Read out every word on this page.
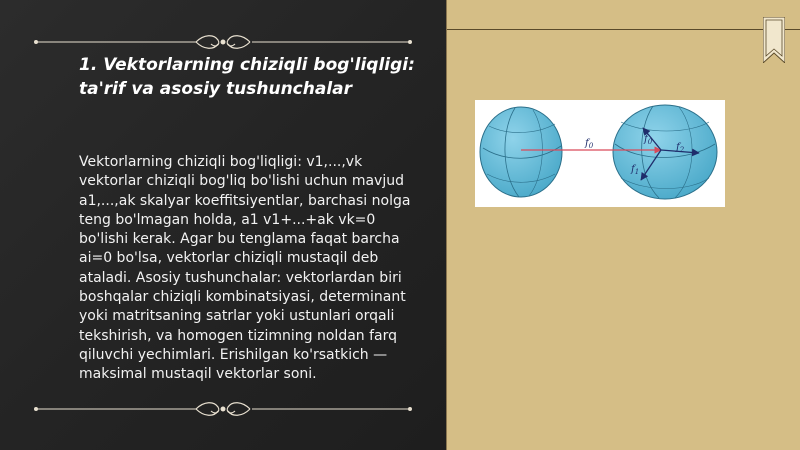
1. Vektorlarning chiziqli bog'liqligi: ta'rif va asosiy tushunchalar

Vektorlarning chiziqli bog'liqligi: v1,...,vk vektorlar chiziqli bog'liq bo'lishi uchun mavjud a1,...,ak skalyar koeffitsiyentlar, barchasi nolga teng bo'lmagan holda, a1 v1+...+ak vk=0 bo'lishi kerak. Agar bu tenglama faqat barcha ai=0 bo'lsa, vektorlar chiziqli mustaqil deb ataladi. Asosiy tushunchalar: vektorlardan biri boshqalar chiziqli kombinatsiyasi, determinant yoki matritsaning satrlar yoki ustunlari orqali tekshirish, va homogen tizimning noldan farq qiluvchi yechimlari. Erishilgan ko'rsatkich — maksimal mustaqil vektorlar soni.

$f_0$
$f_0$ $f_2$
$f_1$
